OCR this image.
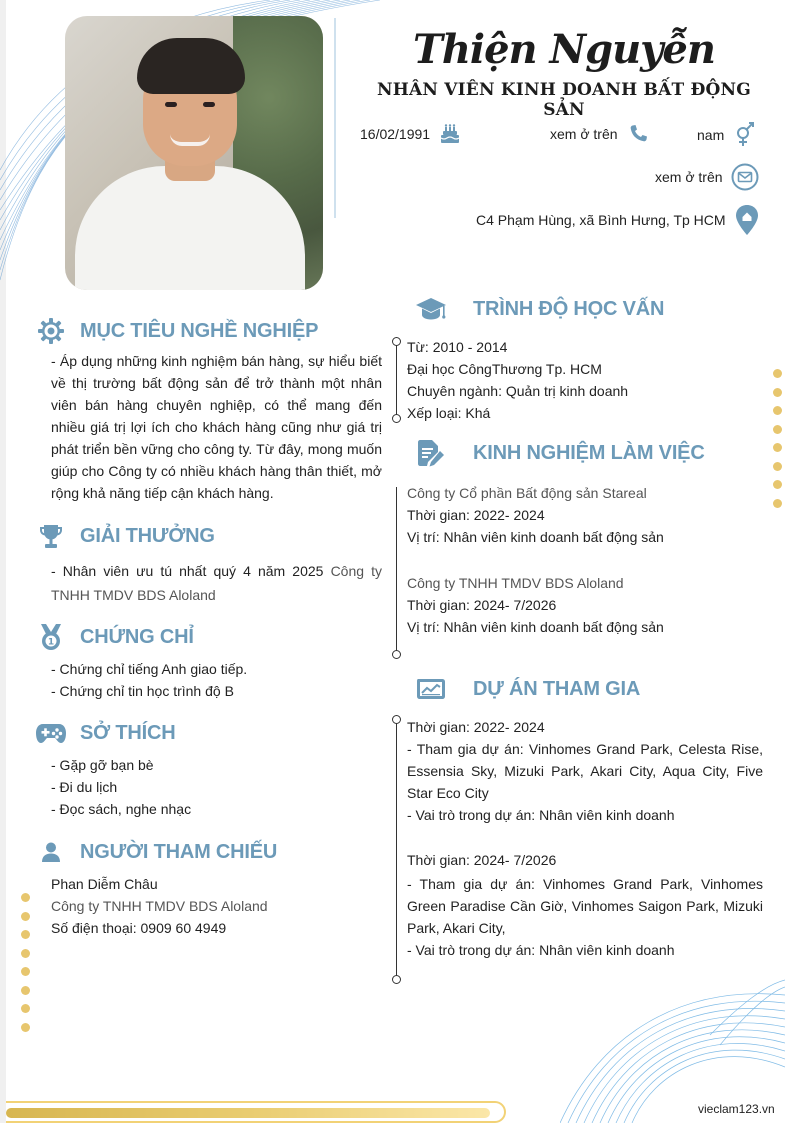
Thiện Nguyễn
NHÂN VIÊN KINH DOANH BẤT ĐỘNG SẢN
16/02/1991	xem ở trên	nam
xem ở trên
C4 Phạm Hùng, xã Bình Hưng, Tp HCM
MỤC TIÊU NGHỀ NGHIỆP
- Áp dụng những kinh nghiệm bán hàng, sự hiểu biết về thị trường bất động sản để trở thành một nhân viên bán hàng chuyên nghiệp, có thể mang đến nhiều giá trị lợi ích cho khách hàng cũng như giá trị phát triển bền vững cho công ty. Từ đây, mong muốn giúp cho Công ty có nhiều khách hàng thân thiết, mở rộng khả năng tiếp cận khách hàng.
GIẢI THƯỞNG
- Nhân viên ưu tú nhất quý 4 năm 2025 Công ty TNHH TMDV BDS Aloland
1 CHỨNG CHỈ
- Chứng chỉ tiếng Anh giao tiếp.
- Chứng chỉ tin học trình độ B
SỞ THÍCH
- Gặp gỡ bạn bè
- Đi du lịch
- Đọc sách, nghe nhạc
NGƯỜI THAM CHIẾU
Phan Diễm Châu
Công ty TNHH TMDV BDS Aloland
Số điện thoại: 0909 60 4949
TRÌNH ĐỘ HỌC VẤN
Từ: 2010 - 2014
Đại học CôngThương Tp. HCM
Chuyên ngành: Quản trị kinh doanh
Xếp loại: Khá
KINH NGHIỆM LÀM VIỆC
Công ty Cổ phần Bất động sản Stareal
Thời gian: 2022- 2024
Vị trí: Nhân viên kinh doanh bất động sản
Công ty TNHH TMDV BDS Aloland
Thời gian: 2024- 7/2026
Vị trí: Nhân viên kinh doanh bất động sản
DỰ ÁN THAM GIA
Thời gian: 2022- 2024
- Tham gia dự án: Vinhomes Grand Park, Celesta Rise, Essensia Sky, Mizuki Park, Akari City, Aqua City, Five Star Eco City
- Vai trò trong dự án: Nhân viên kinh doanh
Thời gian: 2024- 7/2026
- Tham gia dự án: Vinhomes Grand Park, Vinhomes Green Paradise Cần Giờ, Vinhomes Saigon Park, Mizuki Park, Akari City,
- Vai trò trong dự án: Nhân viên kinh doanh
vieclam123.vn
